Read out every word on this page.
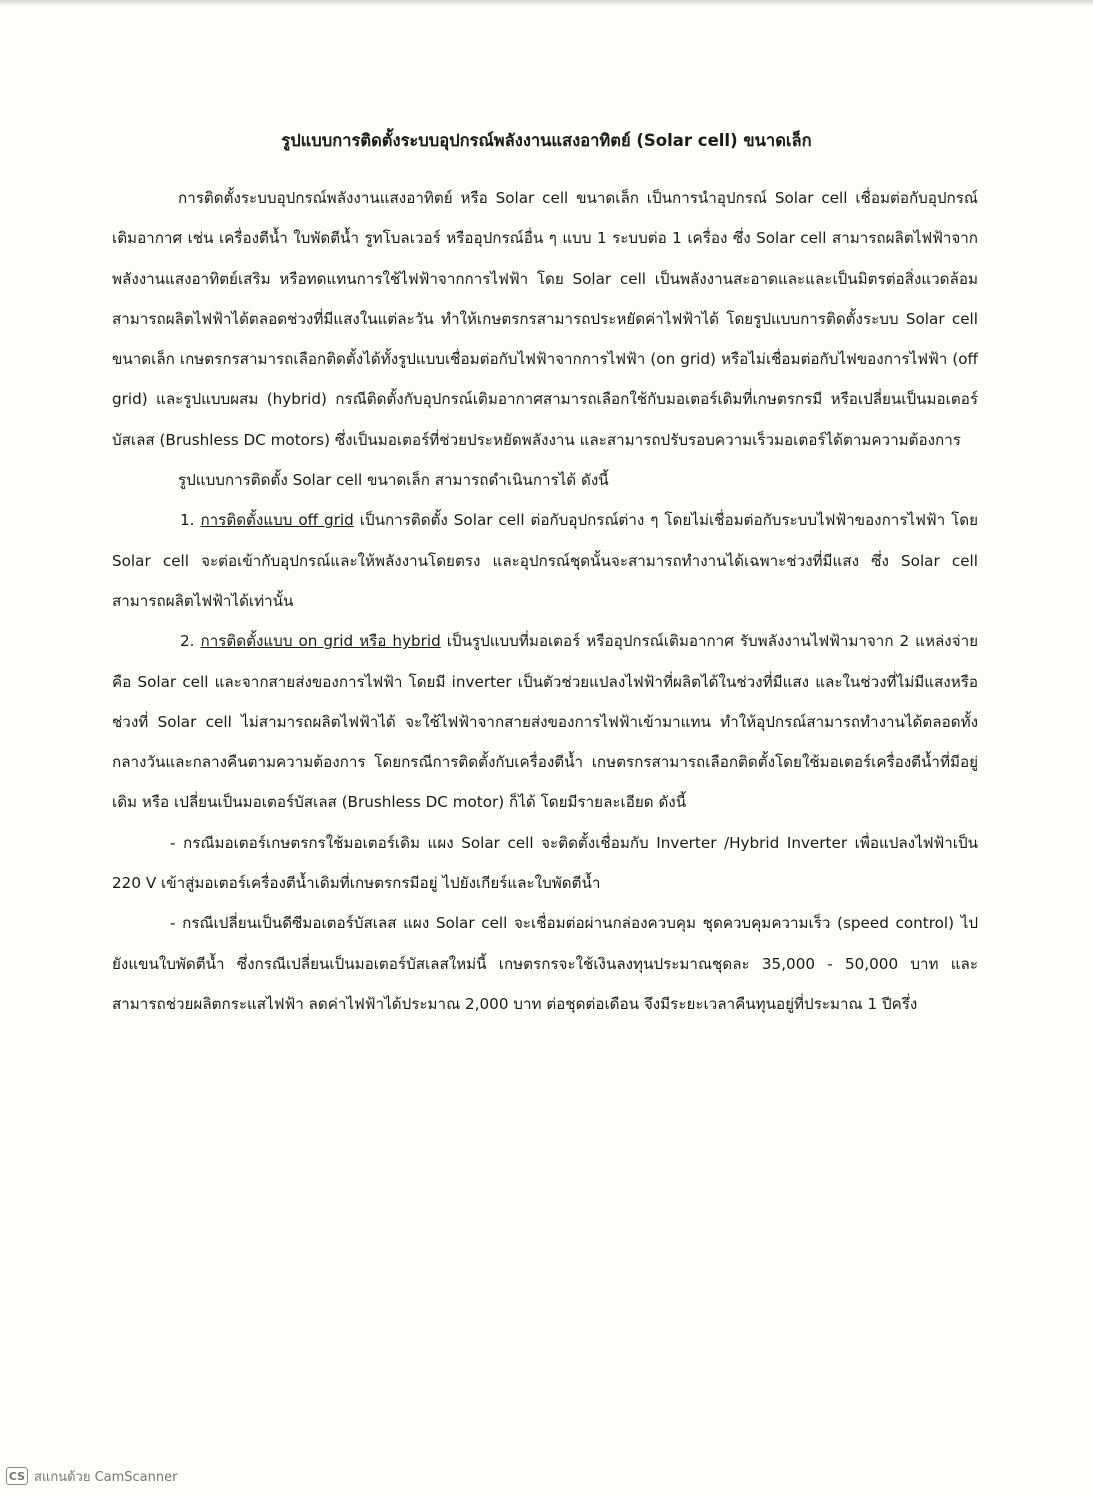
รูปแบบการติดตั้งระบบอุปกรณ์พลังงานแสงอาทิตย์ (Solar cell) ขนาดเล็ก

การติดตั้งระบบอุปกรณ์พลังงานแสงอาทิตย์ หรือ Solar cell ขนาดเล็ก เป็นการนำอุปกรณ์ Solar cell เชื่อมต่อกับอุปกรณ์เติมอากาศ เช่น เครื่องตีน้ำ ใบพัดตีน้ำ รูทโบลเวอร์ หรืออุปกรณ์อื่น ๆ แบบ 1 ระบบต่อ 1 เครื่อง ซึ่ง Solar cell สามารถผลิตไฟฟ้าจากพลังงานแสงอาทิตย์เสริม หรือทดแทนการใช้ไฟฟ้าจากการไฟฟ้า โดย Solar cell เป็นพลังงานสะอาดและและเป็นมิตรต่อสิ่งแวดล้อม สามารถผลิตไฟฟ้าได้ตลอดช่วงที่มีแสงในแต่ละวัน ทำให้เกษตรกรสามารถประหยัดค่าไฟฟ้าได้ โดยรูปแบบการติดตั้งระบบ Solar cell ขนาดเล็ก เกษตรกรสามารถเลือกติดตั้งได้ทั้งรูปแบบเชื่อมต่อกับไฟฟ้าจากการไฟฟ้า (on grid) หรือไม่เชื่อมต่อกับไฟของการไฟฟ้า (off grid) และรูปแบบผสม (hybrid) กรณีติดตั้งกับอุปกรณ์เติมอากาศสามารถเลือกใช้กับมอเตอร์เดิมที่เกษตรกรมี หรือเปลี่ยนเป็นมอเตอร์บัสเลส (Brushless DC motors) ซึ่งเป็นมอเตอร์ที่ช่วยประหยัดพลังงาน และสามารถปรับรอบความเร็วมอเตอร์ได้ตามความต้องการ

รูปแบบการติดตั้ง Solar cell ขนาดเล็ก สามารถดำเนินการได้ ดังนี้

1. การติดตั้งแบบ off grid เป็นการติดตั้ง Solar cell ต่อกับอุปกรณ์ต่าง ๆ โดยไม่เชื่อมต่อกับระบบไฟฟ้าของการไฟฟ้า โดย Solar cell จะต่อเข้ากับอุปกรณ์และให้พลังงานโดยตรง และอุปกรณ์ชุดนั้นจะสามารถทำงานได้เฉพาะช่วงที่มีแสง ซึ่ง Solar cell สามารถผลิตไฟฟ้าได้เท่านั้น

2. การติดตั้งแบบ on grid หรือ hybrid เป็นรูปแบบที่มอเตอร์ หรืออุปกรณ์เติมอากาศ รับพลังงานไฟฟ้ามาจาก 2 แหล่งจ่าย คือ Solar cell และจากสายส่งของการไฟฟ้า โดยมี inverter เป็นตัวช่วยแปลงไฟฟ้าที่ผลิตได้ในช่วงที่มีแสง และในช่วงที่ไม่มีแสงหรือช่วงที่ Solar cell ไม่สามารถผลิตไฟฟ้าได้ จะใช้ไฟฟ้าจากสายส่งของการไฟฟ้าเข้ามาแทน ทำให้อุปกรณ์สามารถทำงานได้ตลอดทั้งกลางวันและกลางคืนตามความต้องการ โดยกรณีการติดตั้งกับเครื่องตีน้ำ เกษตรกรสามารถเลือกติดตั้งโดยใช้มอเตอร์เครื่องตีน้ำที่มีอยู่เดิม หรือ เปลี่ยนเป็นมอเตอร์บัสเลส (Brushless DC motor) ก็ได้ โดยมีรายละเอียด ดังนี้

- กรณีมอเตอร์เกษตรกรใช้มอเตอร์เดิม แผง Solar cell จะติดตั้งเชื่อมกับ Inverter /Hybrid Inverter เพื่อแปลงไฟฟ้าเป็น 220 V เข้าสู่มอเตอร์เครื่องตีน้ำเดิมที่เกษตรกรมีอยู่ ไปยังเกียร์และใบพัดตีน้ำ

- กรณีเปลี่ยนเป็นดีซีมอเตอร์บัสเลส แผง Solar cell จะเชื่อมต่อผ่านกล่องควบคุม ชุดควบคุมความเร็ว (speed control) ไปยังแขนใบพัดตีน้ำ ซึ่งกรณีเปลี่ยนเป็นมอเตอร์บัสเลสใหม่นี้ เกษตรกรจะใช้เงินลงทุนประมาณชุดละ 35,000 - 50,000 บาท และสามารถช่วยผลิตกระแสไฟฟ้า ลดค่าไฟฟ้าได้ประมาณ 2,000 บาท ต่อชุดต่อเดือน จึงมีระยะเวลาคืนทุนอยู่ที่ประมาณ 1 ปีครึ่ง

CS สแกนด้วย CamScanner
